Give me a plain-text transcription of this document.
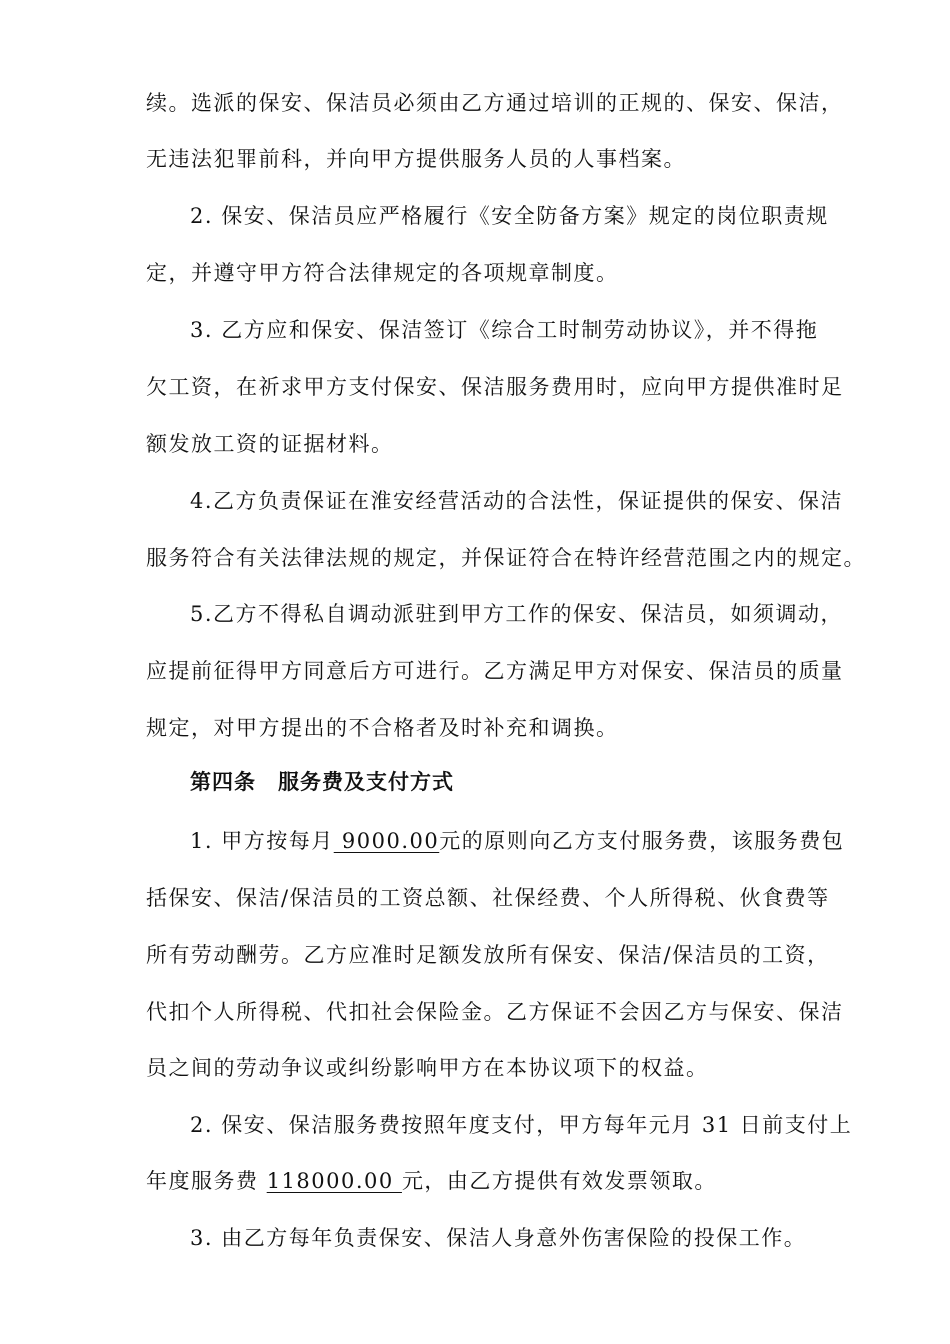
续。选派的保安、保洁员必须由乙方通过培训的正规的、保安、保洁，
无违法犯罪前科，并向甲方提供服务人员的人事档案。
2. 保安、保洁员应严格履行《安全防备方案》规定的岗位职责规
定，并遵守甲方符合法律规定的各项规章制度。
3. 乙方应和保安、保洁签订《综合工时制劳动协议》，并不得拖
欠工资，在祈求甲方支付保安、保洁服务费用时，应向甲方提供准时足
额发放工资的证据材料。
4.乙方负责保证在淮安经营活动的合法性，保证提供的保安、保洁
服务符合有关法律法规的规定，并保证符合在特许经营范围之内的规定。
5.乙方不得私自调动派驻到甲方工作的保安、保洁员，如须调动，
应提前征得甲方同意后方可进行。乙方满足甲方对保安、保洁员的质量
规定，对甲方提出的不合格者及时补充和调换。
第四条　服务费及支付方式
1. 甲方按每月 9000.00元的原则向乙方支付服务费，该服务费包
括保安、保洁/保洁员的工资总额、社保经费、个人所得税、伙食费等
所有劳动酬劳。乙方应准时足额发放所有保安、保洁/保洁员的工资，
代扣个人所得税、代扣社会保险金。乙方保证不会因乙方与保安、保洁
员之间的劳动争议或纠纷影响甲方在本协议项下的权益。
2. 保安、保洁服务费按照年度支付，甲方每年元月 31 日前支付上
年度服务费 118000.00 元，由乙方提供有效发票领取。
3. 由乙方每年负责保安、保洁人身意外伤害保险的投保工作。
